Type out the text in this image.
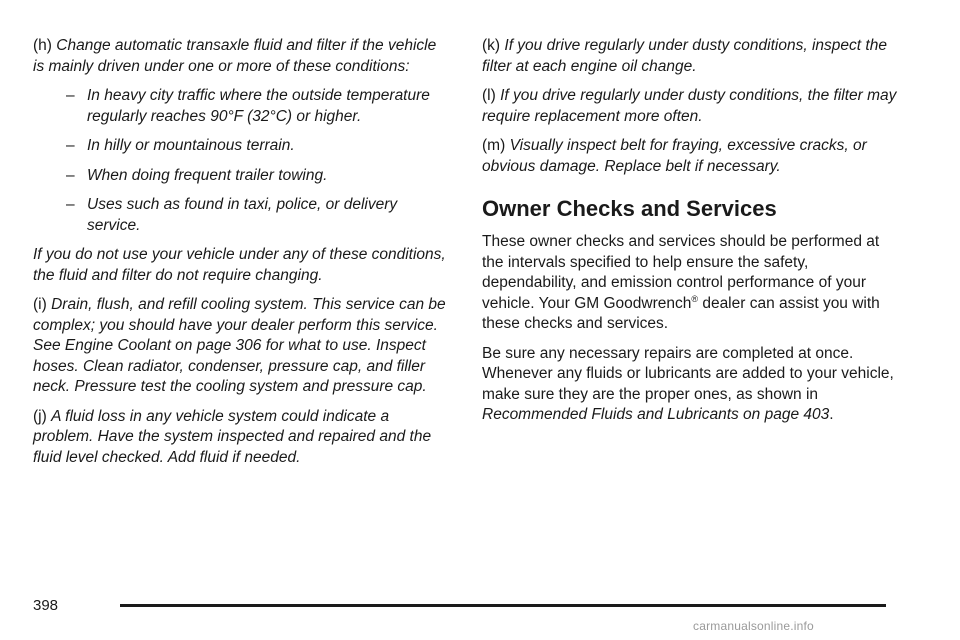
(h) Change automatic transaxle fluid and filter if the vehicle is mainly driven under one or more of these conditions:

– In heavy city traffic where the outside temperature regularly reaches 90°F (32°C) or higher.
– In hilly or mountainous terrain.
– When doing frequent trailer towing.
– Uses such as found in taxi, police, or delivery service.

If you do not use your vehicle under any of these conditions, the fluid and filter do not require changing.

(i) Drain, flush, and refill cooling system. This service can be complex; you should have your dealer perform this service. See Engine Coolant on page 306 for what to use. Inspect hoses. Clean radiator, condenser, pressure cap, and filler neck. Pressure test the cooling system and pressure cap.

(j) A fluid loss in any vehicle system could indicate a problem. Have the system inspected and repaired and the fluid level checked. Add fluid if needed.

(k) If you drive regularly under dusty conditions, inspect the filter at each engine oil change.

(l) If you drive regularly under dusty conditions, the filter may require replacement more often.

(m) Visually inspect belt for fraying, excessive cracks, or obvious damage. Replace belt if necessary.

Owner Checks and Services

These owner checks and services should be performed at the intervals specified to help ensure the safety, dependability, and emission control performance of your vehicle. Your GM Goodwrench® dealer can assist you with these checks and services.

Be sure any necessary repairs are completed at once. Whenever any fluids or lubricants are added to your vehicle, make sure they are the proper ones, as shown in Recommended Fluids and Lubricants on page 403.

398
carmanualsonline.info
